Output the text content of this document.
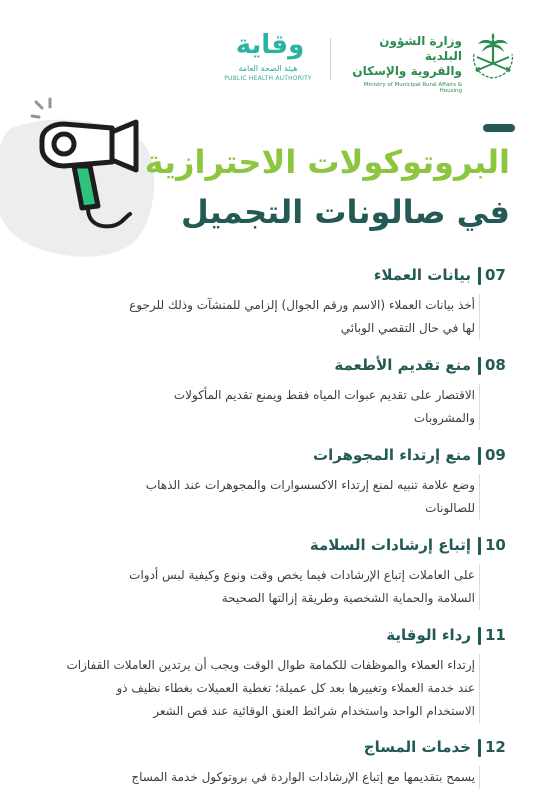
وقاية
هيئة الصحة العامة
PUBLIC HEALTH AUTHORITY
وزارة الشؤون البلدية
والقروية والإسكان
Ministry of Municipal Rural Affairs & Housing
البروتوكولات الاحترازية
في صالونات التجميل
07
بيانات العملاء
أخذ بيانات العملاء (الاسم ورقم الجوال) إلزامي للمنشآت وذلك للرجوع
لها في حال التقصي الوبائي
08
منع تقديم الأطعمة
الاقتصار على تقديم عبوات المياه فقط ويمنع تقديم المأكولات
والمشروبات
09
منع إرتداء المجوهرات
وضع علامة تنبيه لمنع إرتداء الاكسسوارات والمجوهرات عند الذهاب
للصالونات
10
إتباع إرشادات السلامة
على العاملات إتباع الإرشادات فيما يخص وقت ونوع وكيفية لبس أدوات
السلامة والحماية الشخصية وطريقة إزالتها الصحيحة
11
رداء الوقاية
إرتداء العملاء والموظفات للكمامة طوال الوقت ويجب أن يرتدين العاملات القفازات
عند خدمة العملاء وتغييرها بعد كل عميلة؛ تغطية العميلات بغطاء نظيف ذو
الاستخدام الواحد واستخدام شرائط العنق الوقائية عند قص الشعر
12
خدمات المساج
يسمح بتقديمها مع إتباع الإرشادات الواردة في بروتوكول خدمة المساج
